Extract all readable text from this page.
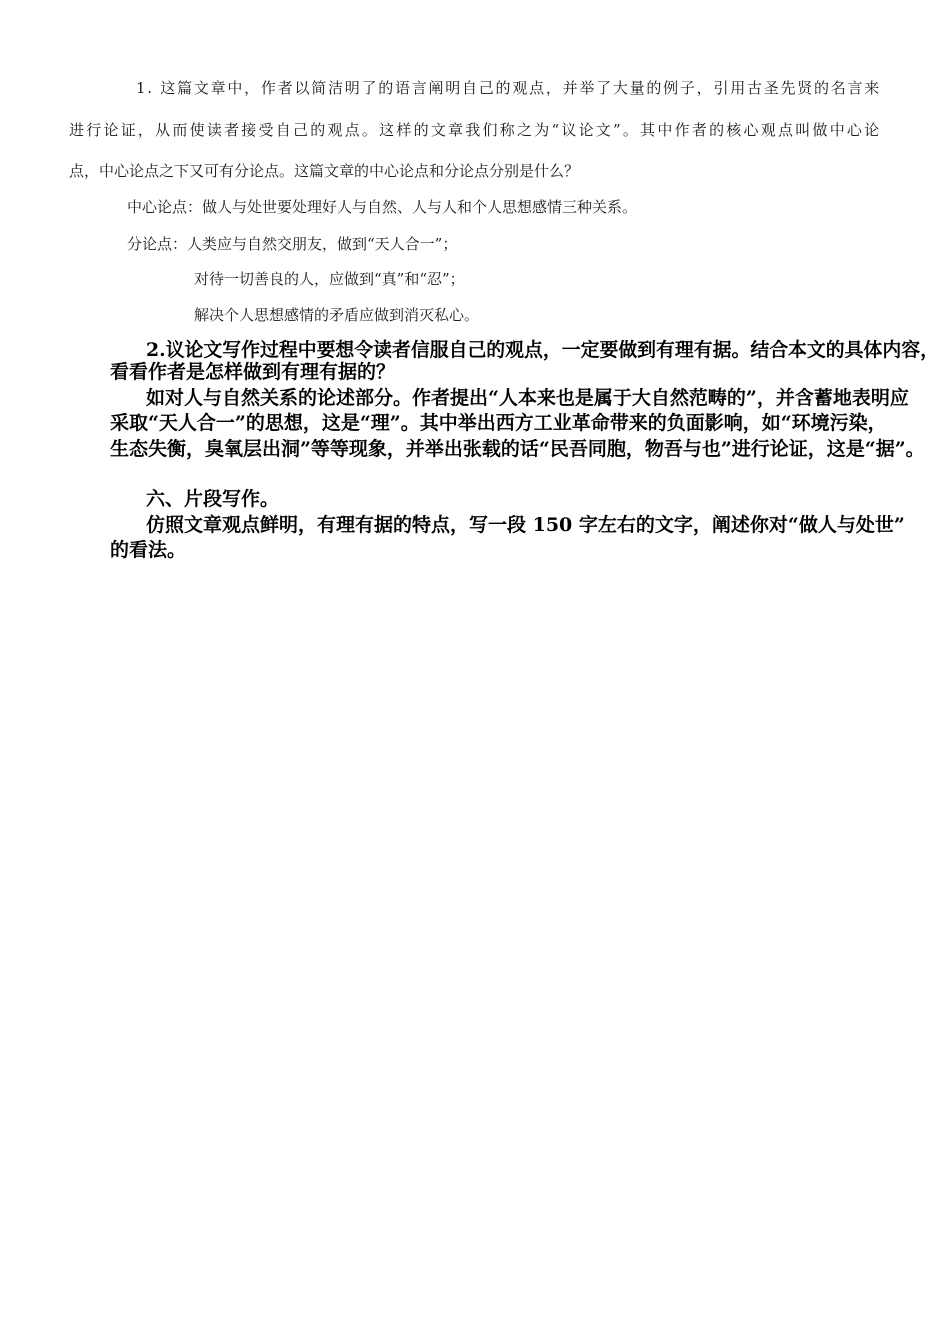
1. 这篇文章中，作者以简洁明了的语言阐明自己的观点，并举了大量的例子，引用古圣先贤的名言来

进行论证，从而使读者接受自己的观点。这样的文章我们称之为“议论文”。其中作者的核心观点叫做中心论

点，中心论点之下又可有分论点。这篇文章的中心论点和分论点分别是什么？

中心论点：做人与处世要处理好人与自然、人与人和个人思想感情三种关系。

分论点：人类应与自然交朋友，做到“天人合一”；

对待一切善良的人，应做到“真”和“忍”；

解决个人思想感情的矛盾应做到消灭私心。

2.议论文写作过程中要想令读者信服自己的观点，一定要做到有理有据。结合本文的具体内容，

看看作者是怎样做到有理有据的？

如对人与自然关系的论述部分。作者提出“人本来也是属于大自然范畴的”，并含蓄地表明应

采取“天人合一”的思想，这是“理”。其中举出西方工业革命带来的负面影响，如“环境污染，

生态失衡，臭氧层出洞”等等现象，并举出张载的话“民吾同胞，物吾与也”进行论证，这是“据”。

六、片段写作。

仿照文章观点鲜明，有理有据的特点，写一段 150 字左右的文字，阐述你对“做人与处世”

的看法。
